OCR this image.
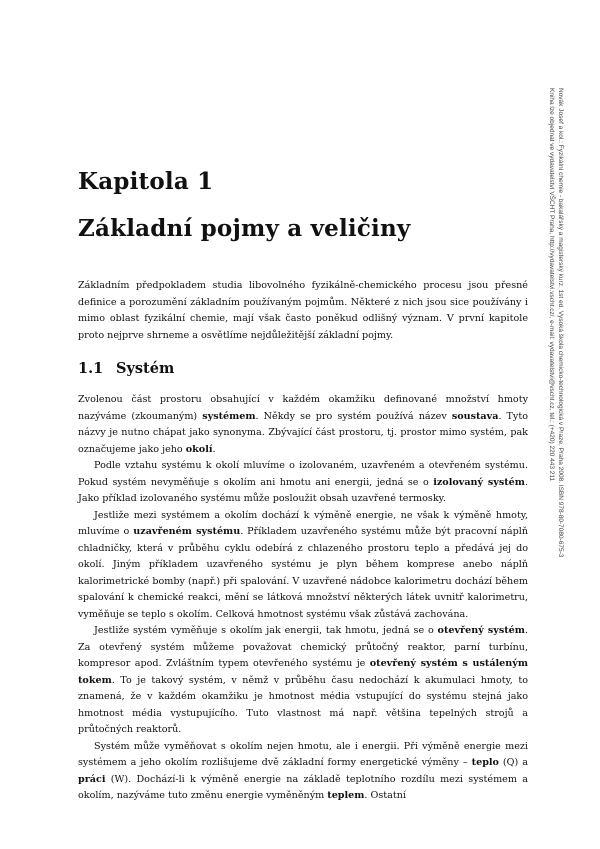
Novák Josef a kol.: Fyzikální chemie - bakalářský a magisterský kurz. 1st ed. Vysoká škola chemicko-technologická v Praze, Praha 2008. ISBN 978-80-7080-675-3
Kniha lze objednat ve vydavatelství VŠCHT Praha, http://vydavatelstvi.vscht.cz/, e-mail: vydavatelstvi@vscht.cz, tel.: (+420) 220 443 211
Kapitola 1
Základní pojmy a veličiny
Základním předpokladem studia libovolného fyzikálně-chemického procesu jsou přesné definice a porozumění základním používaným pojmům. Některé z nich jsou sice používány i mimo oblast fyzikální chemie, mají však často poněkud odlišný význam. V první kapitole proto nejprve shrneme a osvětlíme nejdůležitější základní pojmy.
1.1 Systém

Zvolenou část prostoru obsahující v každém okamžiku definované množství hmoty nazýváme (zkoumaným) systémem. Někdy se pro systém používá název soustava. Tyto názvy je nutno chápat jako synonyma. Zbývající část prostoru, tj. prostor mimo systém, pak označujeme jako jeho okolí.

Podle vztahu systému k okolí mluvíme o izolovaném, uzavřeném a otevřeném systému. Pokud systém nevyměňuje s okolím ani hmotu ani energii, jedná se o izolovaný systém. Jako příklad izolovaného systému může posloužit obsah uzavřené termosky.

Jestliže mezi systémem a okolím dochází k výměně energie, ne však k výměně hmoty, mluvíme o uzavřeném systému. Příkladem uzavřeného systému může být pracovní náplň chladničky, která v průběhu cyklu odebírá z chlazeného prostoru teplo a předává jej do okolí. Jiným příkladem uzavřeného systému je plyn během komprese anebo náplň kalorimetrické bomby (např.) při spalování. V uzavřené nádobce kalorimetru dochází během spalování k chemické reakci, mění se látková množství některých látek uvnitř kalorimetru, vyměňuje se teplo s okolím. Celková hmotnost systému však zůstává zachována.

Jestliže systém vyměňuje s okolím jak energii, tak hmotu, jedná se o otevřený systém. Za otevřený systém můžeme považovat chemický průtočný reaktor, parní turbínu, kompresor apod. Zvláštním typem otevřeného systému je otevřený systém s ustáleným tokem. To je takový systém, v němž v průběhu času nedochází k akumulaci hmoty, to znamená, že v každém okamžiku je hmotnost média vstupující do systému stejná jako hmotnost média vystupujícího. Tuto vlastnost má např. většina tepelných strojů a průtočných reaktorů.

Systém může vyměňovat s okolím nejen hmotu, ale i energii. Při výměně energie mezi systémem a jeho okolím rozlišujeme dvě základní formy energetické výměny – teplo (Q) a práci (W). Dochází-li k výměně energie na základě teplotního rozdílu mezi systémem a okolím, nazýváme tuto změnu energie vyměněným teplem. Ostatní
